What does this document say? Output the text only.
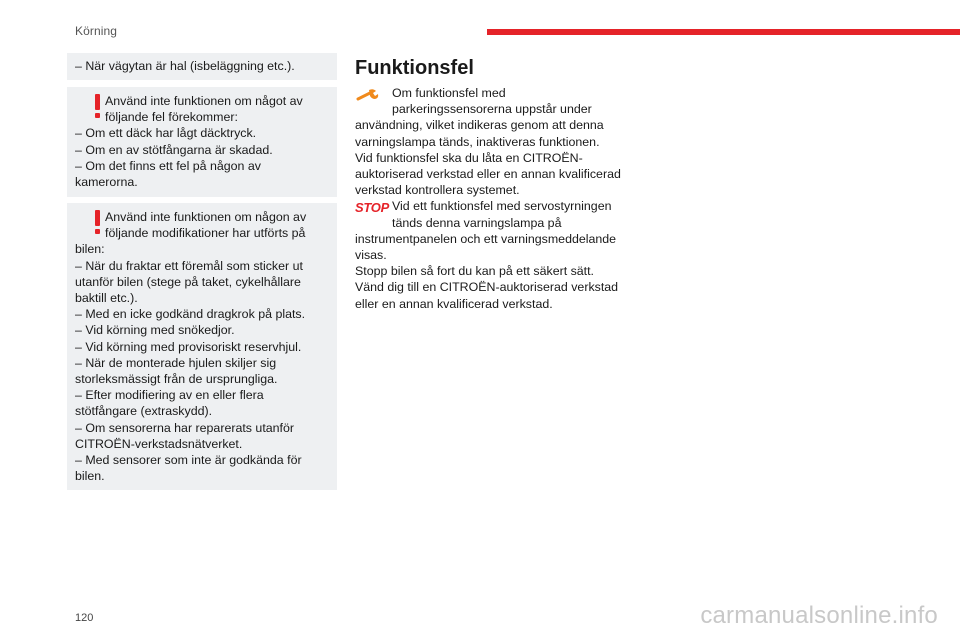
Körning
– När vägytan är hal (isbeläggning etc.).
Använd inte funktionen om något av
följande fel förekommer:
– Om ett däck har lågt däcktryck.
– Om en av stötfångarna är skadad.
– Om det finns ett fel på någon av
kamerorna.
Använd inte funktionen om någon av
följande modifikationer har utförts på
bilen:
– När du fraktar ett föremål som sticker ut
utanför bilen (stege på taket, cykelhållare
baktill etc.).
– Med en icke godkänd dragkrok på plats.
– Vid körning med snökedjor.
– Vid körning med provisoriskt reservhjul.
– När de monterade hjulen skiljer sig
storleksmässigt från de ursprungliga.
– Efter modifiering av en eller flera
stötfångare (extraskydd).
– Om sensorerna har reparerats utanför
CITROËN-verkstadsnätverket.
– Med sensorer som inte är godkända för
bilen.
Funktionsfel
Om funktionsfel med
parkeringssensorerna uppstår under
användning, vilket indikeras genom att denna
varningslampa tänds, inaktiveras funktionen.
Vid funktionsfel ska du låta en CITROËN-
auktoriserad verkstad eller en annan kvalificerad
verkstad kontrollera systemet.
STOP Vid ett funktionsfel med servostyrningen
tänds denna varningslampa på
instrumentpanelen och ett varningsmeddelande
visas.
Stopp bilen så fort du kan på ett säkert sätt.
Vänd dig till en CITROËN-auktoriserad verkstad
eller en annan kvalificerad verkstad.
120	carmanualsonline.info
